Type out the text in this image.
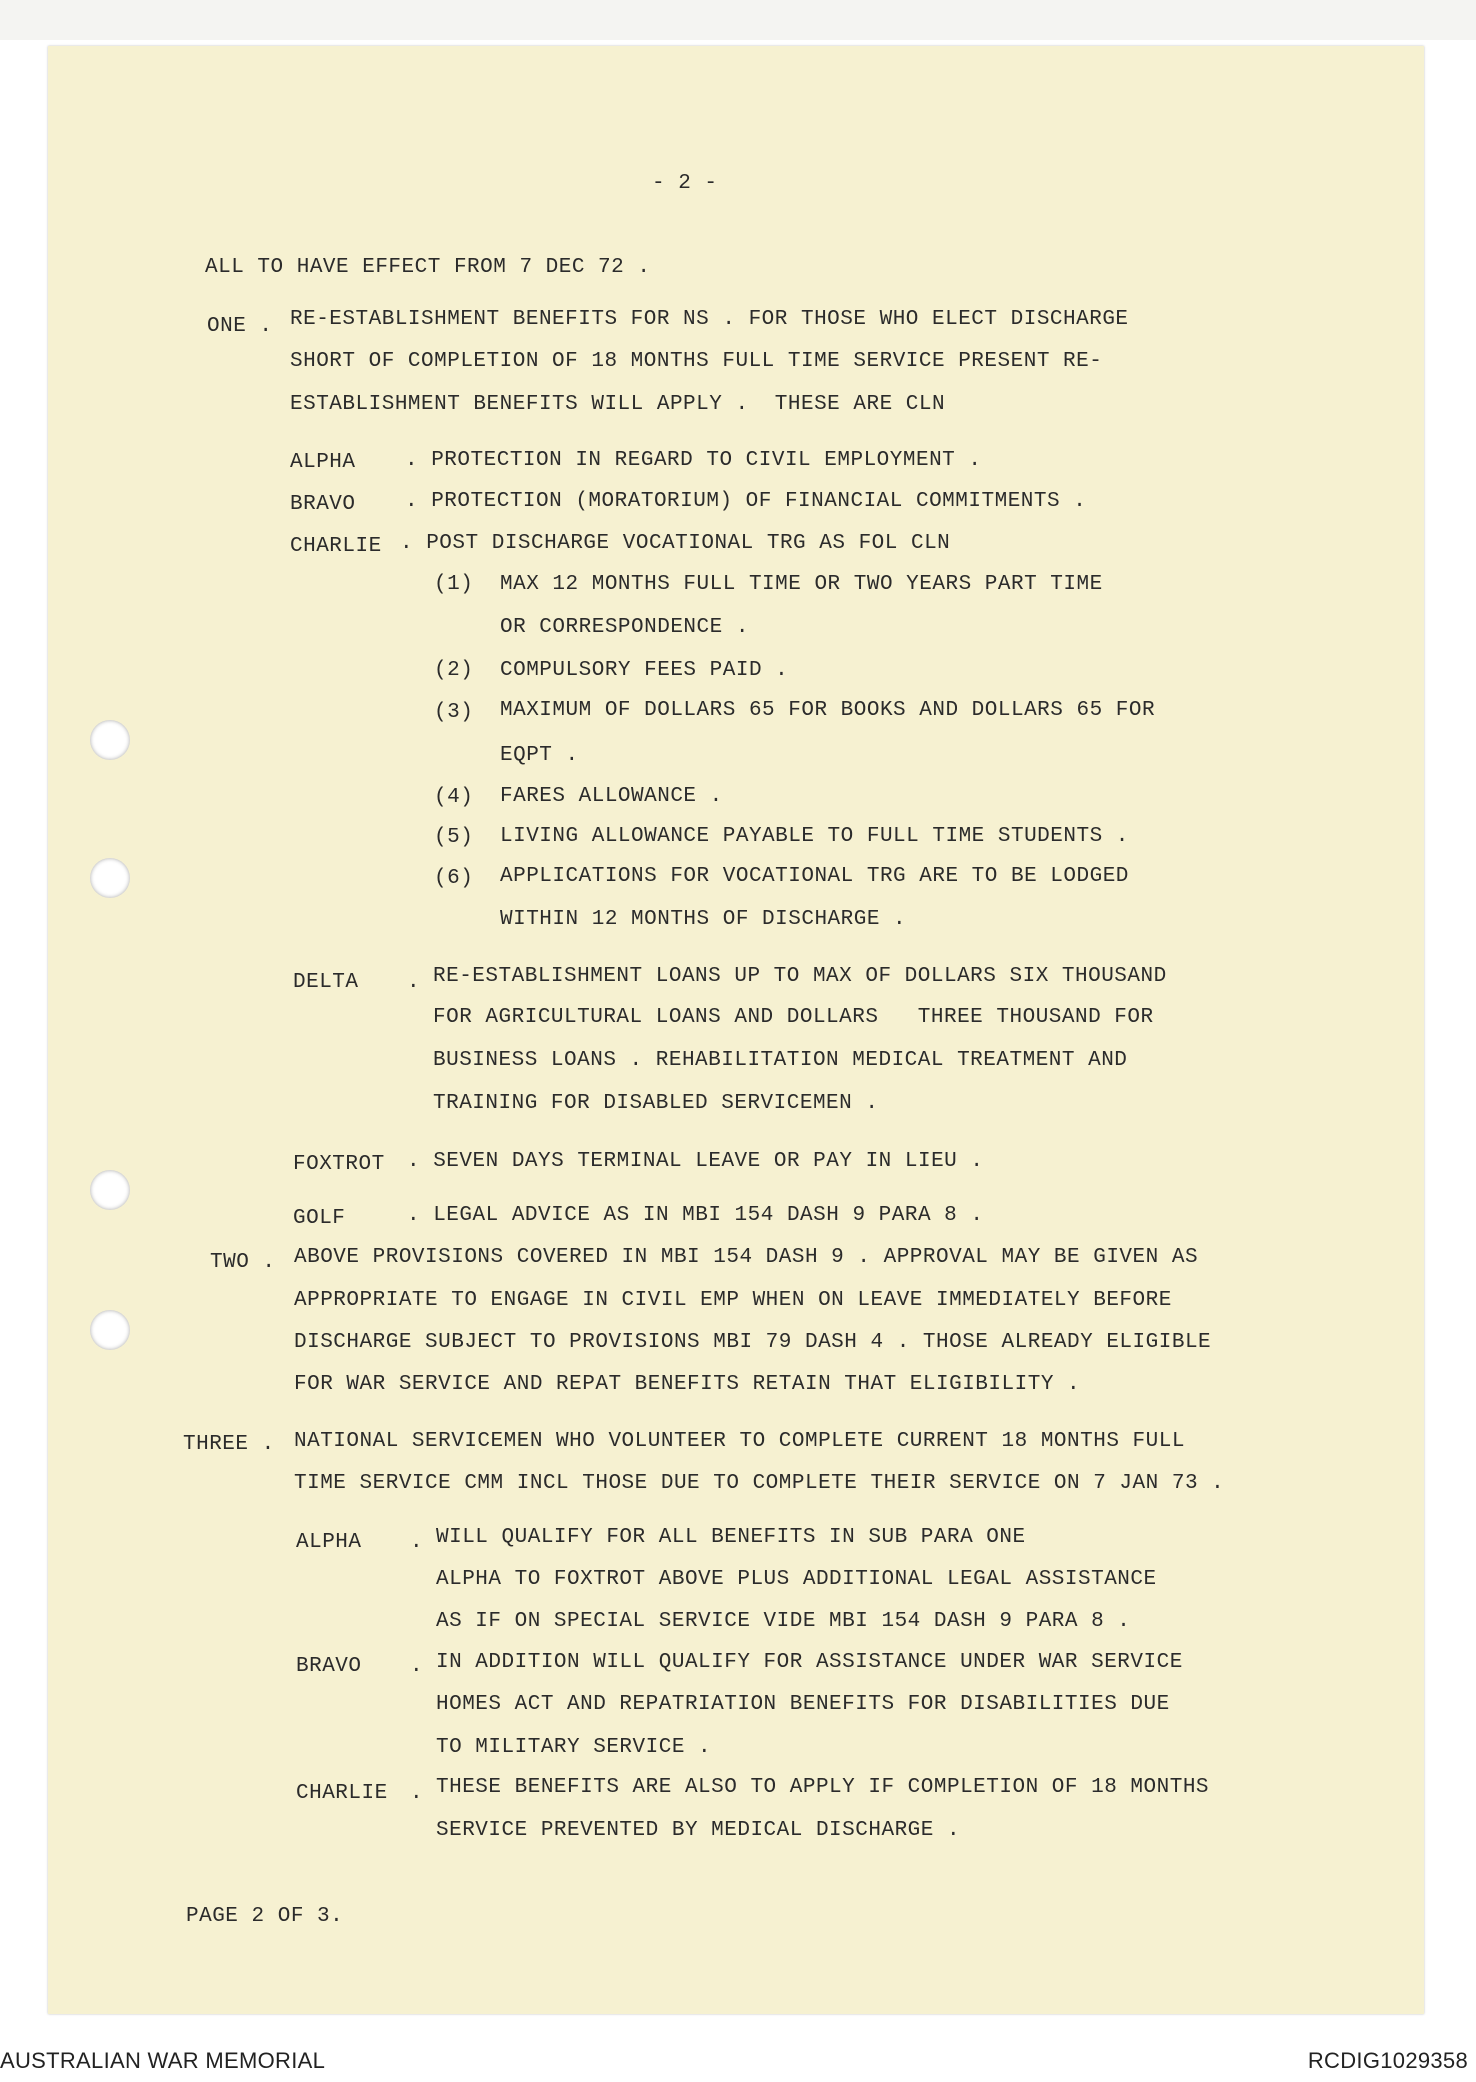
- 2 -
ALL TO HAVE EFFECT FROM 7 DEC 72 .
ONE . RE-ESTABLISHMENT BENEFITS FOR NS . FOR THOSE WHO ELECT DISCHARGE
SHORT OF COMPLETION OF 18 MONTHS FULL TIME SERVICE PRESENT RE-
ESTABLISHMENT BENEFITS WILL APPLY .  THESE ARE CLN
ALPHA . PROTECTION IN REGARD TO CIVIL EMPLOYMENT .
BRAVO . PROTECTION (MORATORIUM) OF FINANCIAL COMMITMENTS .
CHARLIE . POST DISCHARGE VOCATIONAL TRG AS FOL CLN
(1) MAX 12 MONTHS FULL TIME OR TWO YEARS PART TIME
OR CORRESPONDENCE .
(2) COMPULSORY FEES PAID .
(3) MAXIMUM OF DOLLARS 65 FOR BOOKS AND DOLLARS 65 FOR
EQPT .
(4) FARES ALLOWANCE .
(5) LIVING ALLOWANCE PAYABLE TO FULL TIME STUDENTS .
(6) APPLICATIONS FOR VOCATIONAL TRG ARE TO BE LODGED
WITHIN 12 MONTHS OF DISCHARGE .
DELTA . RE-ESTABLISHMENT LOANS UP TO MAX OF DOLLARS SIX THOUSAND
FOR AGRICULTURAL LOANS AND DOLLARS   THREE THOUSAND FOR
BUSINESS LOANS . REHABILITATION MEDICAL TREATMENT AND
TRAINING FOR DISABLED SERVICEMEN .
FOXTROT . SEVEN DAYS TERMINAL LEAVE OR PAY IN LIEU .
GOLF	. LEGAL ADVICE AS IN MBI 154 DASH 9 PARA 8 .
TWO . ABOVE PROVISIONS COVERED IN MBI 154 DASH 9 . APPROVAL MAY BE GIVEN AS
APPROPRIATE TO ENGAGE IN CIVIL EMP WHEN ON LEAVE IMMEDIATELY BEFORE
DISCHARGE SUBJECT TO PROVISIONS MBI 79 DASH 4 . THOSE ALREADY ELIGIBLE
FOR WAR SERVICE AND REPAT BENEFITS RETAIN THAT ELIGIBILITY .
THREE . NATIONAL SERVICEMEN WHO VOLUNTEER TO COMPLETE CURRENT 18 MONTHS FULL
TIME SERVICE CMM INCL THOSE DUE TO COMPLETE THEIR SERVICE ON 7 JAN 73 .
ALPHA . WILL QUALIFY FOR ALL BENEFITS IN SUB PARA ONE
ALPHA TO FOXTROT ABOVE PLUS ADDITIONAL LEGAL ASSISTANCE
AS IF ON SPECIAL SERVICE VIDE MBI 154 DASH 9 PARA 8 .
BRAVO . IN ADDITION WILL QUALIFY FOR ASSISTANCE UNDER WAR SERVICE
HOMES ACT AND REPATRIATION BENEFITS FOR DISABILITIES DUE
TO MILITARY SERVICE .
CHARLIE . THESE BENEFITS ARE ALSO TO APPLY IF COMPLETION OF 18 MONTHS
SERVICE PREVENTED BY MEDICAL DISCHARGE .
PAGE 2 OF 3.
AUSTRALIAN WAR MEMORIAL	RCDIG1029358
